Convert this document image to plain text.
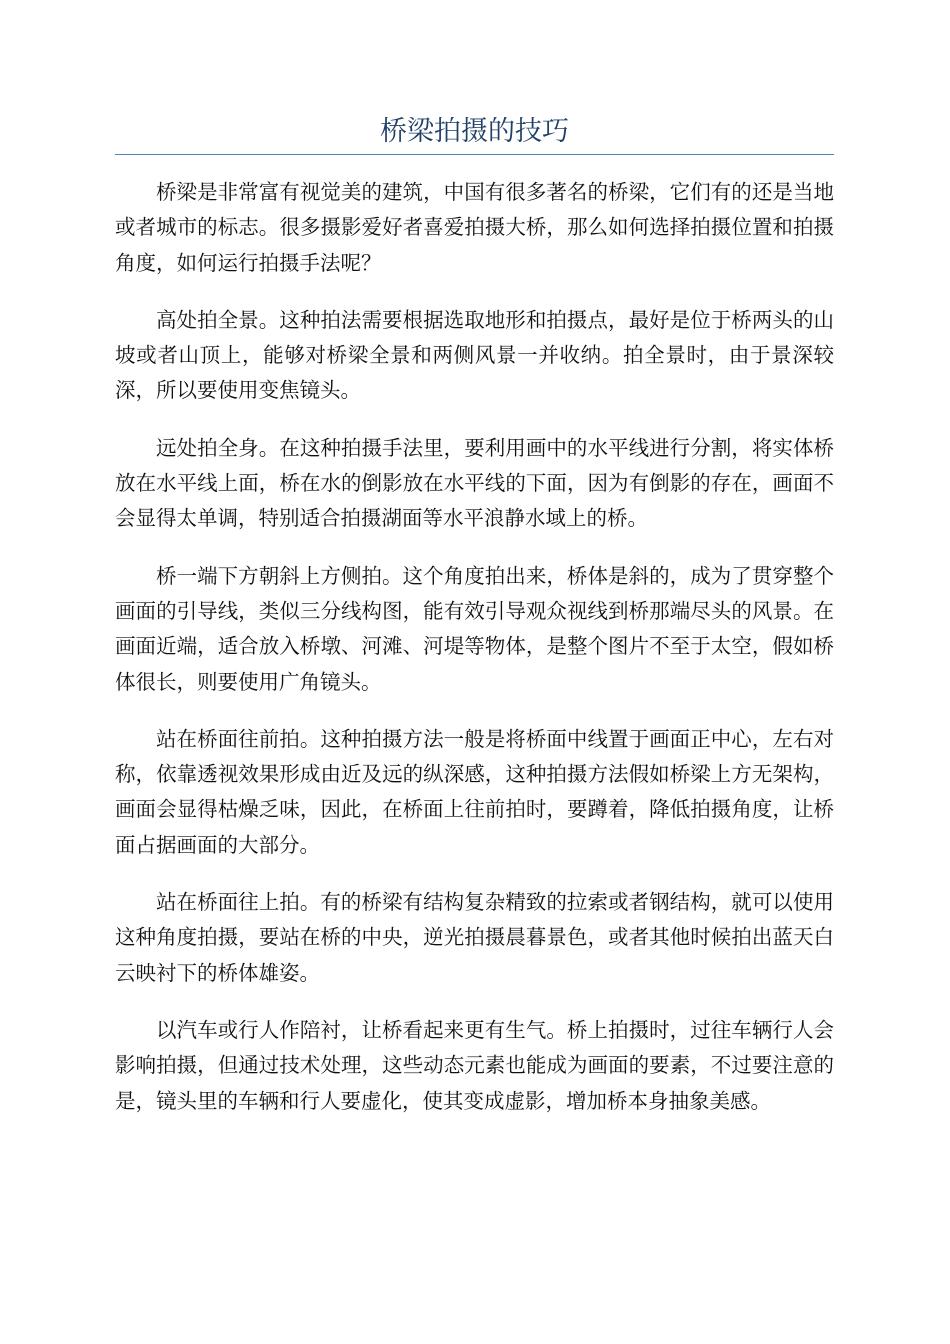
桥梁拍摄的技巧

桥梁是非常富有视觉美的建筑，中国有很多著名的桥梁，它们有的还是当地或者城市的标志。很多摄影爱好者喜爱拍摄大桥，那么如何选择拍摄位置和拍摄角度，如何运行拍摄手法呢？

高处拍全景。这种拍法需要根据选取地形和拍摄点，最好是位于桥两头的山坡或者山顶上，能够对桥梁全景和两侧风景一并收纳。拍全景时，由于景深较深，所以要使用变焦镜头。

远处拍全身。在这种拍摄手法里，要利用画中的水平线进行分割，将实体桥放在水平线上面，桥在水的倒影放在水平线的下面，因为有倒影的存在，画面不会显得太单调，特别适合拍摄湖面等水平浪静水域上的桥。

桥一端下方朝斜上方侧拍。这个角度拍出来，桥体是斜的，成为了贯穿整个画面的引导线，类似三分线构图，能有效引导观众视线到桥那端尽头的风景。在画面近端，适合放入桥墩、河滩、河堤等物体，是整个图片不至于太空，假如桥体很长，则要使用广角镜头。

站在桥面往前拍。这种拍摄方法一般是将桥面中线置于画面正中心，左右对称，依靠透视效果形成由近及远的纵深感，这种拍摄方法假如桥梁上方无架构，画面会显得枯燥乏味，因此，在桥面上往前拍时，要蹲着，降低拍摄角度，让桥面占据画面的大部分。

站在桥面往上拍。有的桥梁有结构复杂精致的拉索或者钢结构，就可以使用这种角度拍摄，要站在桥的中央，逆光拍摄晨暮景色，或者其他时候拍出蓝天白云映衬下的桥体雄姿。

以汽车或行人作陪衬，让桥看起来更有生气。桥上拍摄时，过往车辆行人会影响拍摄，但通过技术处理，这些动态元素也能成为画面的要素，不过要注意的是，镜头里的车辆和行人要虚化，使其变成虚影，增加桥本身抽象美感。
